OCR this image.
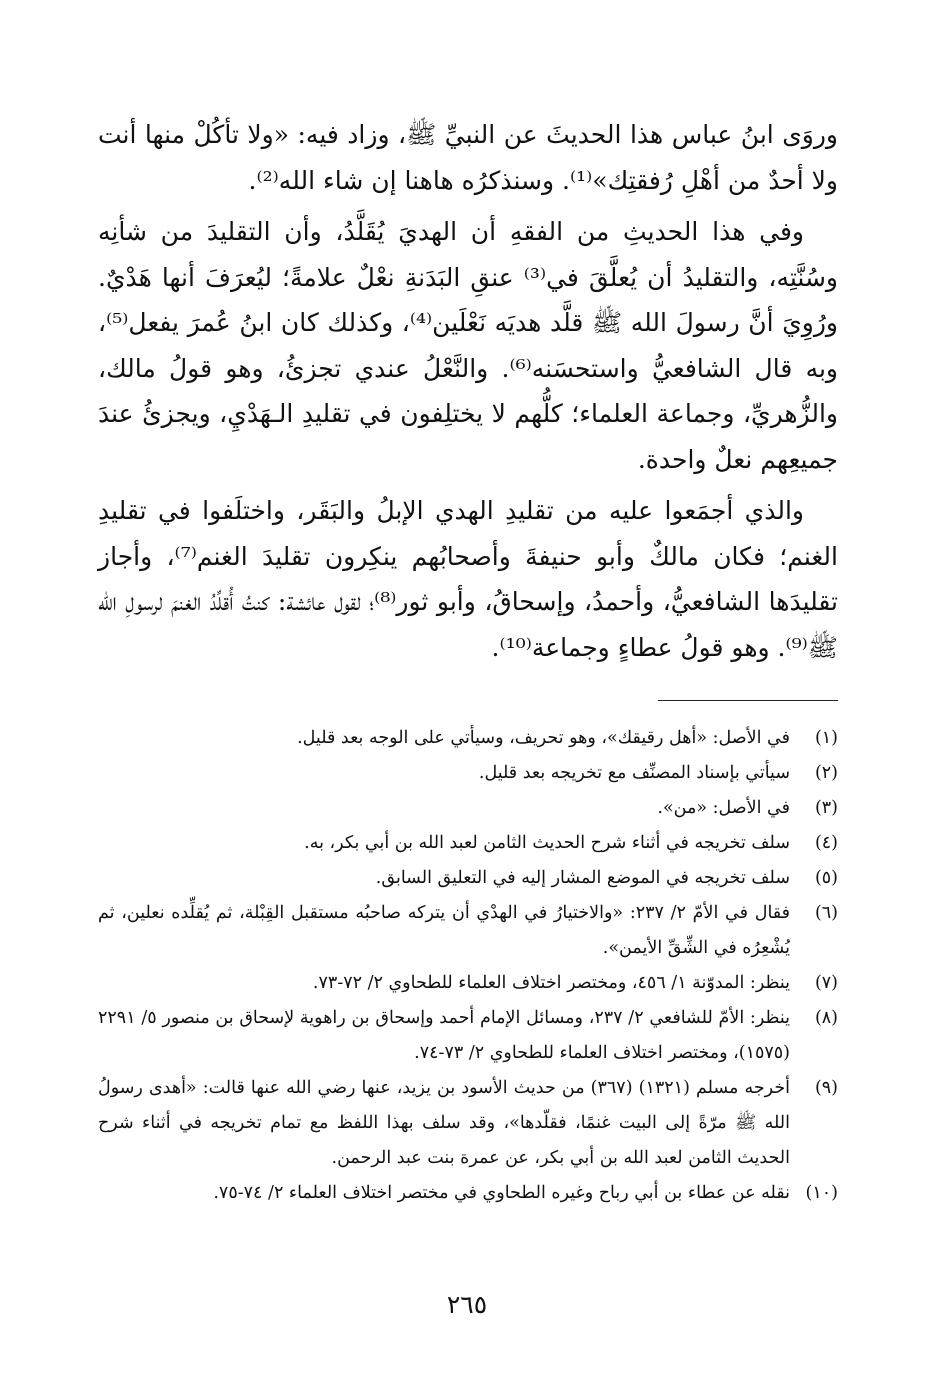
وروَى ابنُ عباس هذا الحديثَ عن النبيِّ ﷺ، وزاد فيه: «ولا تأكُلْ منها أنت ولا أحدٌ من أهْلِ رُفقتِك»⁽¹⁾. وسنذكرُه هاهنا إن شاء الله⁽²⁾.

وفي هذا الحديثِ من الفقهِ أن الهديَ يُقَلَّدُ، وأن التقليدَ من شأنِه وسُنَّتِه، والتقليدُ أن يُعلَّقَ في⁽³⁾ عنقِ البَدَنةِ نعْلٌ علامةً؛ ليُعرَفَ أنها هَدْيٌ. ورُوِيَ أنَّ رسولَ الله ﷺ قلَّد هديَه نَعْلَين⁽⁴⁾، وكذلك كان ابنُ عُمرَ يفعل⁽⁵⁾، وبه قال الشافعيُّ واستحسَنه⁽⁶⁾. والنَّعْلُ عندي تجزئُ، وهو قولُ مالك، والزُّهريِّ، وجماعة العلماء؛ كلُّهم لا يختلِفون في تقليدِ الـهَدْيِ، ويجزئُ عندَ جميعِهم نعلٌ واحدة.

والذي أجمَعوا عليه من تقليدِ الهدي الإبلُ والبَقَر، واختلَفوا في تقليدِ الغنم؛ فكان مالكٌ وأبو حنيفةَ وأصحابُهم ينكِرون تقليدَ الغنم⁽⁷⁾، وأجاز تقليدَها الشافعيُّ، وأحمدُ، وإسحاقُ، وأبو ثور⁽⁸⁾؛ لقول عائشة: كنتُ أُقلِّدُ الغنمَ لرسولِ الله ﷺ⁽⁹⁾. وهو قولُ عطاءٍ وجماعة⁽¹⁰⁾.

(١)
في الأصل: «أهل رقيقك»، وهو تحريف، وسيأتي على الوجه بعد قليل.

(٢)
سيأتي بإسناد المصنِّف مع تخريجه بعد قليل.

(٣)
في الأصل: «من».

(٤)
سلف تخريجه في أثناء شرح الحديث الثامن لعبد الله بن أبي بكر، به.

(٥)
سلف تخريجه في الموضع المشار إليه في التعليق السابق.

(٦)
فقال في الأمّ ٢/ ٢٣٧: «والاختيارُ في الهدْي أن يتركه صاحبُه مستقبل القِبْلة، ثم يُقلِّده نعلين، ثم يُشْعِرُه في الشِّقِّ الأيمن».

(٧)
ينظر: المدوّنة ١/ ٤٥٦، ومختصر اختلاف العلماء للطحاوي ٢/ ٧٢-٧٣.

(٨)
ينظر: الأمّ للشافعي ٢/ ٢٣٧، ومسائل الإمام أحمد وإسحاق بن راهوية لإسحاق بن منصور ٥/ ٢٢٩١ (١٥٧٥)، ومختصر اختلاف العلماء للطحاوي ٢/ ٧٣-٧٤.

(٩)
أخرجه مسلم (١٣٢١) (٣٦٧) من حديث الأسود بن يزيد، عنها رضي الله عنها قالت: «أهدى رسولُ الله ﷺ مرّةً إلى البيت غنمًا، فقلّدها»، وقد سلف بهذا اللفظ مع تمام تخريجه في أثناء شرح الحديث الثامن لعبد الله بن أبي بكر، عن عمرة بنت عبد الرحمن.

(١٠)
نقله عن عطاء بن أبي رباح وغيره الطحاوي في مختصر اختلاف العلماء ٢/ ٧٤-٧٥.

٢٦٥
